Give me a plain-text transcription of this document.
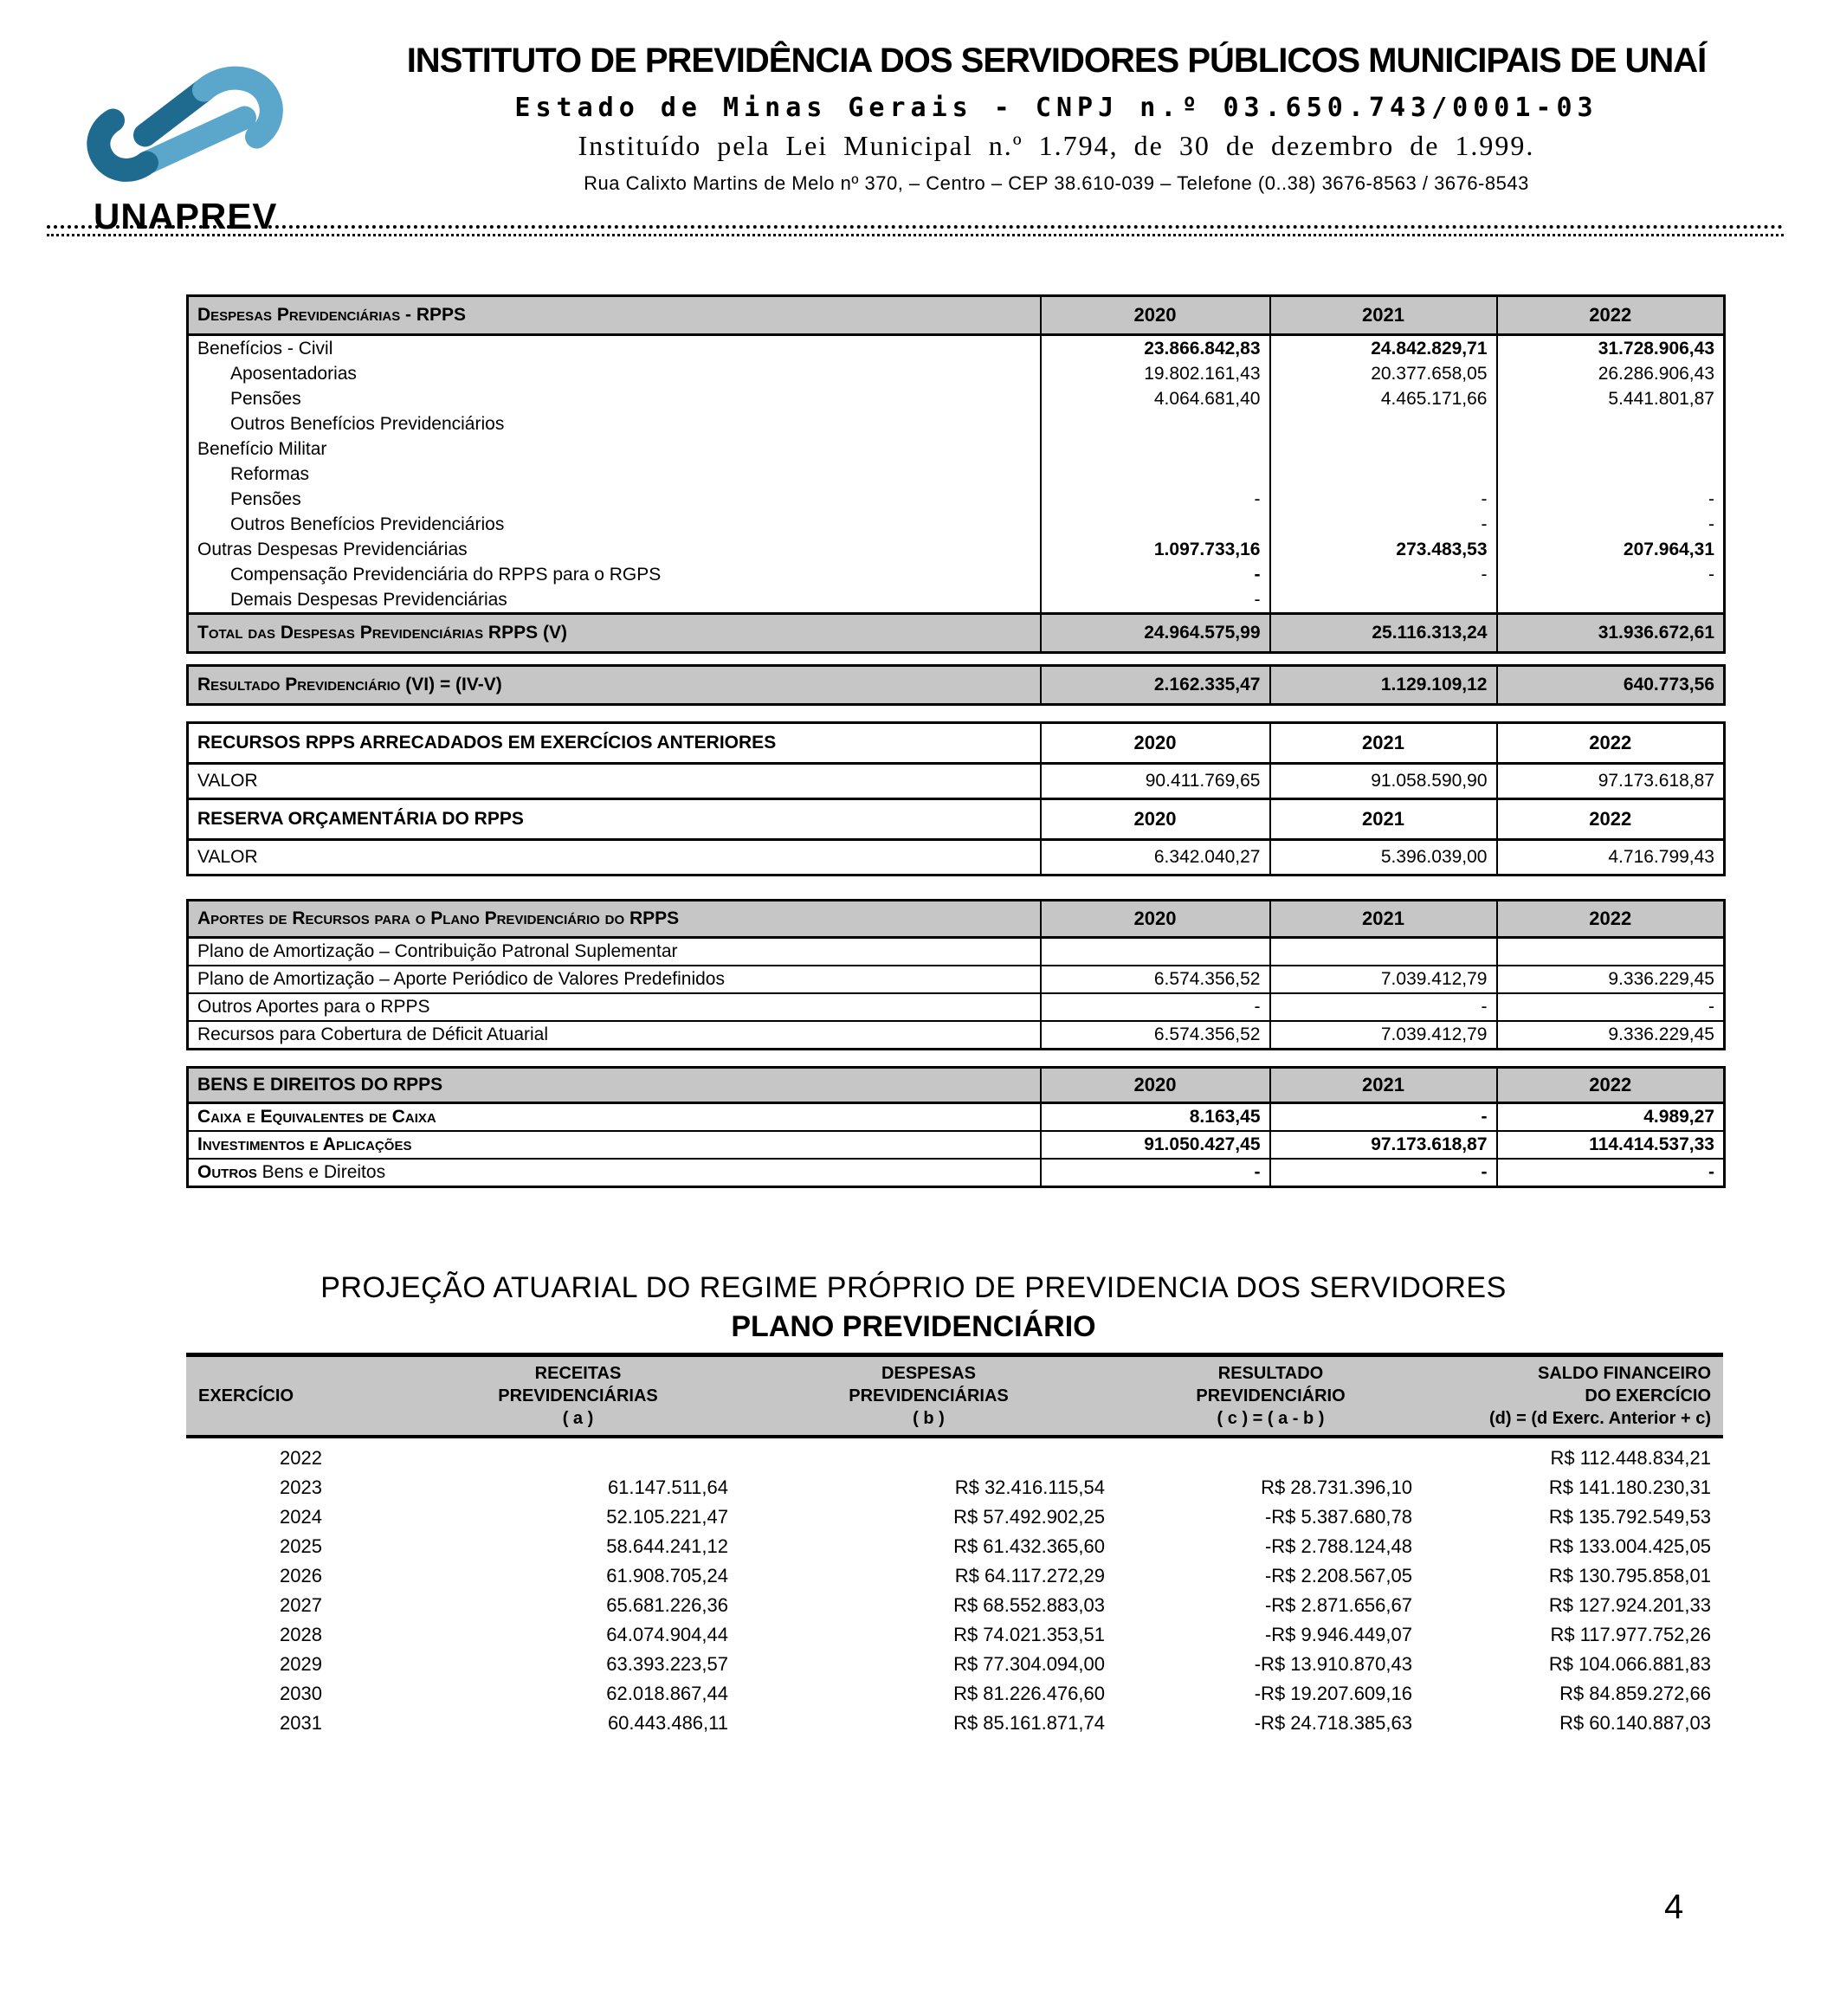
UNAPREV
INSTITUTO DE PREVIDÊNCIA DOS SERVIDORES PÚBLICOS MUNICIPAIS DE UNAÍ
Estado de Minas Gerais - CNPJ n.º 03.650.743/0001-03
Instituído pela Lei Municipal n.º 1.794, de 30 de dezembro de 1.999.
Rua Calixto Martins de Melo nº 370, – Centro – CEP 38.610-039 – Telefone (0..38) 3676-8563 / 3676-8543
Despesas Previdenciárias - RPPS	2020	2021	2022
Benefícios - Civil	23.866.842,83	24.842.829,71	31.728.906,43
Aposentadorias	19.802.161,43	20.377.658,05	26.286.906,43
Pensões	4.064.681,40	4.465.171,66	5.441.801,87
Outros Benefícios Previdenciários			
Benefício Militar			
Reformas			
Pensões	-	-	-
Outros Benefícios Previdenciários		-	-
Outras Despesas Previdenciárias	1.097.733,16	273.483,53	207.964,31
Compensação Previdenciária do RPPS para o RGPS	-	-	-
Demais Despesas Previdenciárias	-		
Total das Despesas Previdenciárias RPPS (V)	24.964.575,99	25.116.313,24	31.936.672,61
Resultado Previdenciário (VI) = (IV-V)	2.162.335,47	1.129.109,12	640.773,56
RECURSOS RPPS ARRECADADOS EM EXERCÍCIOS ANTERIORES	2020	2021	2022
VALOR	90.411.769,65	91.058.590,90	97.173.618,87
RESERVA ORÇAMENTÁRIA DO RPPS	2020	2021	2022
VALOR	6.342.040,27	5.396.039,00	4.716.799,43
Aportes de Recursos para o Plano Previdenciário do RPPS	2020	2021	2022
Plano de Amortização – Contribuição Patronal Suplementar			
Plano de Amortização – Aporte Periódico de Valores Predefinidos	6.574.356,52	7.039.412,79	9.336.229,45
Outros Aportes para o RPPS	-	-	-
Recursos para Cobertura de Déficit Atuarial	6.574.356,52	7.039.412,79	9.336.229,45
BENS E DIREITOS DO RPPS	2020	2021	2022
Caixa e Equivalentes de Caixa	8.163,45	-	4.989,27
Investimentos e Aplicações	91.050.427,45	97.173.618,87	114.414.537,33
Outros Bens e Direitos	-	-	-
PROJEÇÃO ATUARIAL DO REGIME PRÓPRIO DE PREVIDENCIA DOS SERVIDORES
PLANO PREVIDENCIÁRIO
EXERCÍCIO	
RECEITAS
PREVIDENCIÁRIAS
( a )

DESPESAS
PREVIDENCIÁRIAS
( b )

RESULTADO
PREVIDENCIÁRIO
( c ) = ( a - b )

SALDO FINANCEIRO
DO EXERCÍCIO
(d) = (d Exerc. Anterior + c)

2022				R$ 112.448.834,21
2023	61.147.511,64	R$ 32.416.115,54	R$ 28.731.396,10	R$ 141.180.230,31
2024	52.105.221,47	R$ 57.492.902,25	-R$ 5.387.680,78	R$ 135.792.549,53
2025	58.644.241,12	R$ 61.432.365,60	-R$ 2.788.124,48	R$ 133.004.425,05
2026	61.908.705,24	R$ 64.117.272,29	-R$ 2.208.567,05	R$ 130.795.858,01
2027	65.681.226,36	R$ 68.552.883,03	-R$ 2.871.656,67	R$ 127.924.201,33
2028	64.074.904,44	R$ 74.021.353,51	-R$ 9.946.449,07	R$ 117.977.752,26
2029	63.393.223,57	R$ 77.304.094,00	-R$ 13.910.870,43	R$ 104.066.881,83
2030	62.018.867,44	R$ 81.226.476,60	-R$ 19.207.609,16	R$ 84.859.272,66
2031	60.443.486,11	R$ 85.161.871,74	-R$ 24.718.385,63	R$ 60.140.887,03
4
